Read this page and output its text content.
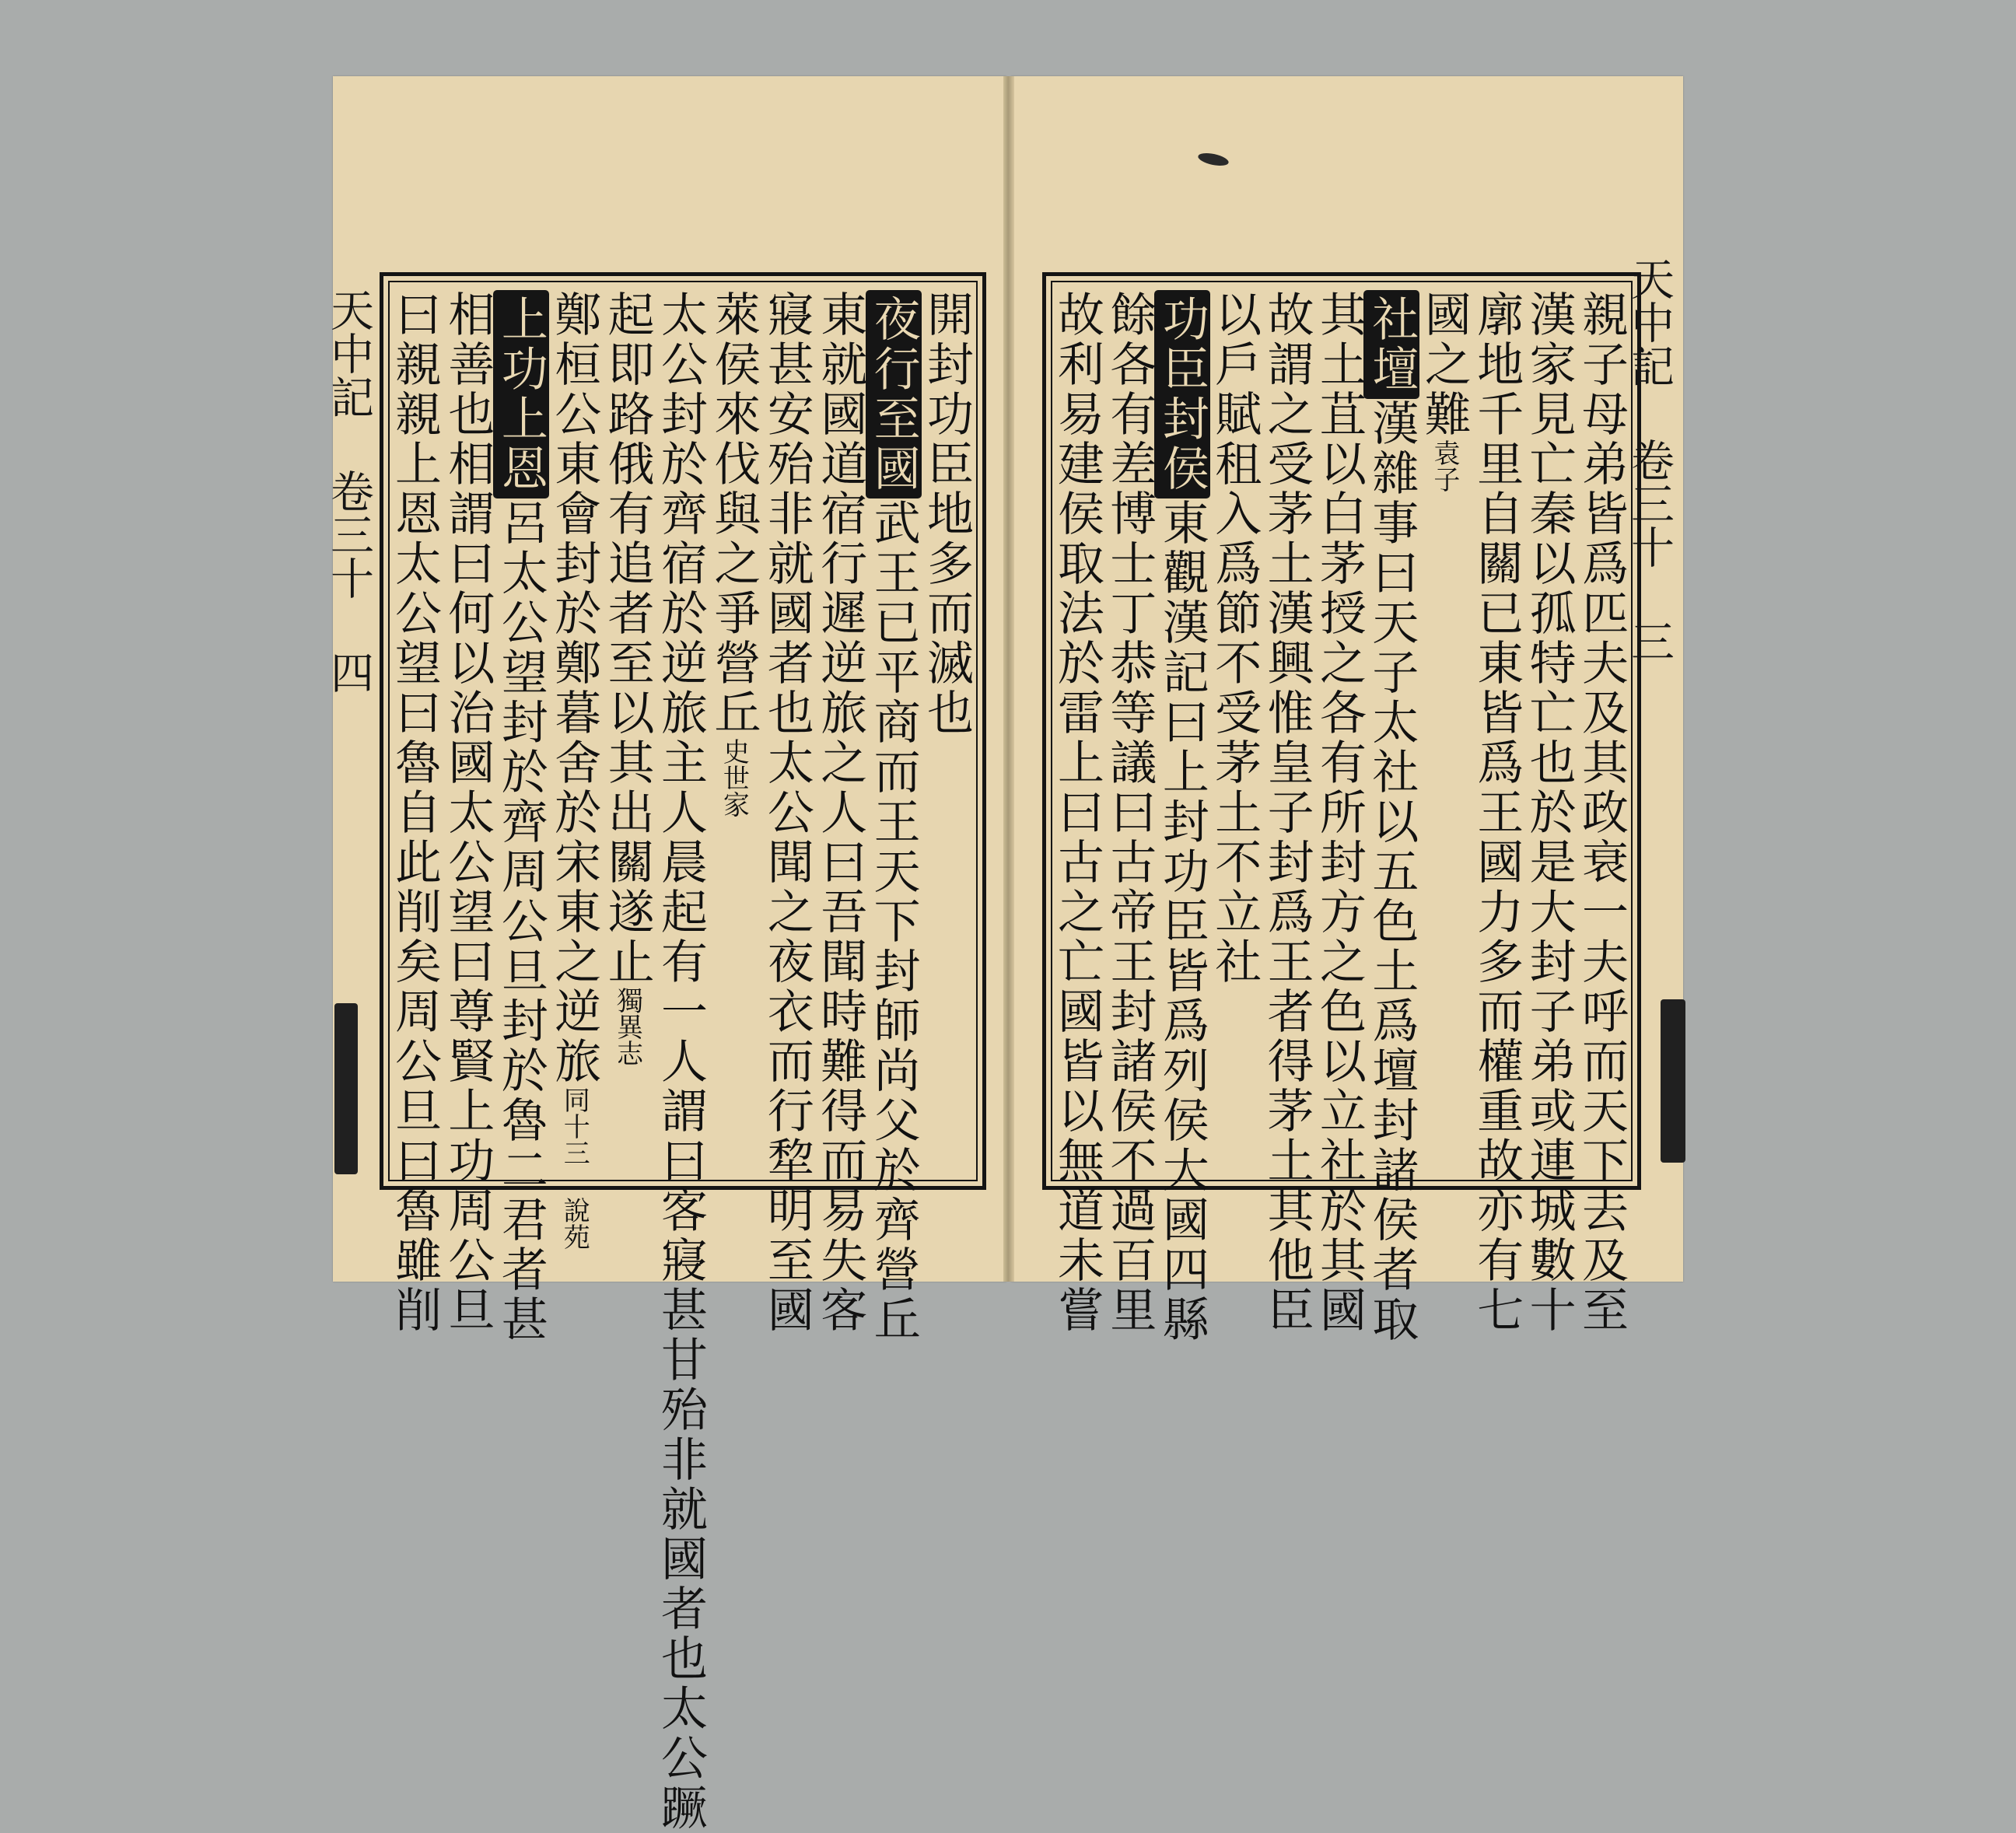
天中記 卷三十 四	開封功臣地多而滅也
夜行至國武王已平商而王天下封師尚父於齊營丘
東就國道宿行遲逆旅之人曰吾聞時難得而易失客
寢甚安殆非就國者也太公聞之夜衣而行犂明至國
萊侯來伐與之爭營丘史世家
太公封於齊宿於逆旅主人晨起有一人謂曰客寢甚甘殆非就國者也太公蹶
起即路俄有追者至以其出關遂止獨異志
鄭桓公東會封於鄭暮舍於宋東之逆旅同十三 說苑
上功上恩呂太公望封於齊周公旦封於魯二君者甚
相善也相謂曰何以治國太公望曰尊賢上功周公旦
曰親親上恩太公望曰魯自此削矣周公旦曰魯雖削	親子母弟皆爲匹夫及其政衰一夫呼而天下去及至
漢家見亡秦以孤特亡也於是大封子弟或連城數十
廓地千里自關已東皆爲王國力多而權重故亦有七
國之難袁子
社壇漢雜事曰天子太社以五色土爲壇封諸侯者取
其土苴以白茅授之各有所封方之色以立社於其國
故謂之受茅土漢興惟皇子封爲王者得茅土其他臣
以戶賦租入爲節不受茅土不立社
功臣封侯東觀漢記曰上封功臣皆爲列侯大國四縣
餘各有差博士丁恭等議曰古帝王封諸侯不過百里
故利易建侯取法於雷上曰古之亡國皆以無道未嘗	天中記 卷三十 三
